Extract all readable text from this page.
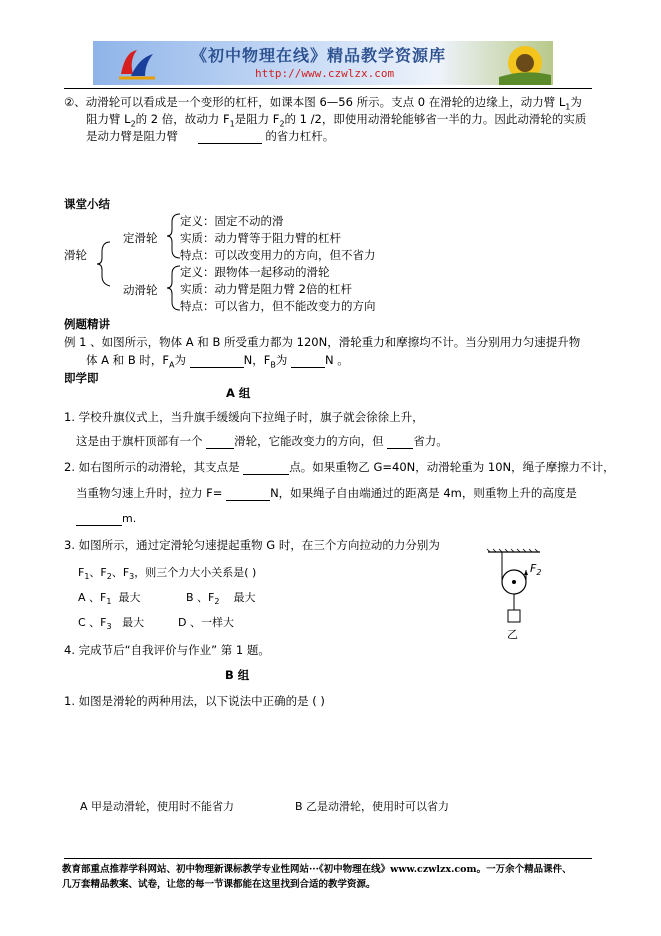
《初中物理在线》精品教学资源库
http://www.czwlzx.com
②、动滑轮可以看成是一个变形的杠杆，如课本图 6—56 所示。支点 0 在滑轮的边缘上，动力臂 $L_1$为
阻力臂 $L_2$的 2 倍，故动力 $F_1$是阻力 $F_2$的 1 /2，即使用动滑轮能够省一半的力。因此动滑轮的实质
是动力臂是阻力臂	的省力杠杆。
课堂小结
滑轮
定滑轮
定义：固定不动的滑
实质：动力臂等于阻力臂的杠杆
特点：可以改变用力的方向，但不省力
动滑轮
定义：跟物体一起移动的滑轮
实质：动力臂是阻力臂 2倍的杠杆
特点：可以省力，但不能改变力的方向
例题精讲
例 1 、如图所示，物体 A 和 B 所受重力都为 120N，滑轮重力和摩擦均不计。当分别用力匀速提升物
体 A 和 B 时，$F_A$为	N，$F_B$为	N 。
即学即
A 组
1. 学校升旗仪式上，当升旗手缓缓向下拉绳子时，旗子就会徐徐上升，
这是由于旗杆顶部有一个	滑轮，它能改变力的方向，但	省力。
2. 如右图所示的动滑轮，其支点是	点。如果重物乙 G=40N，动滑轮重为 10N，绳子摩擦力不计，
当重物匀速上升时，拉力 F=	N，如果绳子自由端通过的距离是 4m，则重物上升的高度是
m.
3. 如图所示，通过定滑轮匀速提起重物 G 时，在三个方向拉动的力分别为
$F_1$、$F_2$、$F_3$，则三个力大小关系是( )
A 、$F_1$ 最大	B 、$F_2$ 最大
C 、$F_3$ 最大	D 、一样大
$F_2$
乙
4. 完成节后“自我评价与作业” 第 1 题。
B 组
1. 如图是滑轮的两种用法，以下说法中正确的是 ( )
A 甲是动滑轮，使用时不能省力	B 乙是动滑轮，使用时可以省力
教育部重点推荐学科网站、初中物理新课标教学专业性网站···《初中物理在线》www.czwlzx.com。一万余个精品课件、
几万套精品教案、试卷，让您的每一节课都能在这里找到合适的教学资源。
